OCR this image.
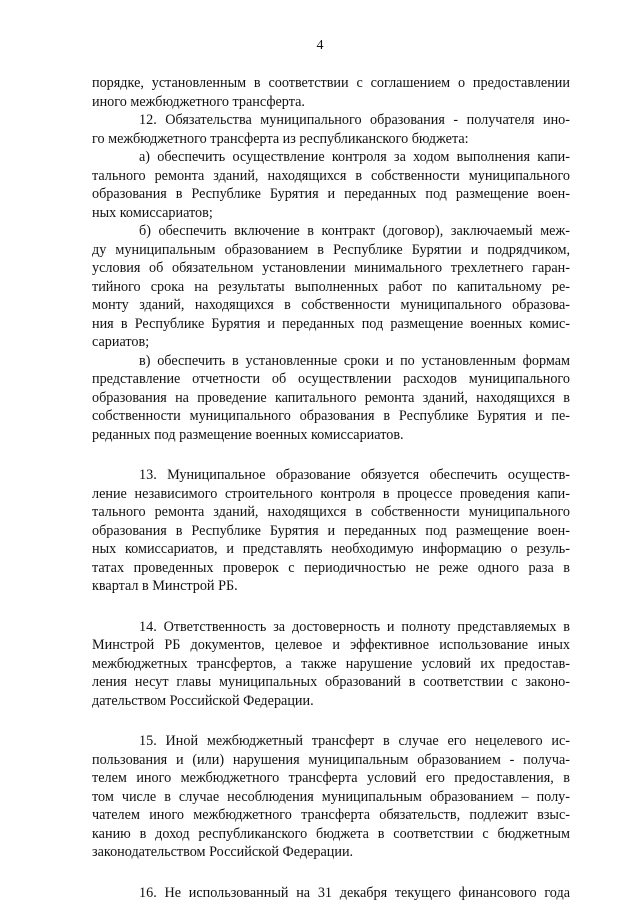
4
порядке, установленным в соответствии с соглашением о предоставлении
иного межбюджетного трансферта.
12. Обязательства муниципального образования - получателя ино-
го межбюджетного трансферта из республиканского бюджета:
а) обеспечить осуществление контроля за ходом выполнения капи-
тального ремонта зданий, находящихся в собственности муниципального
образования в Республике Бурятия и переданных под размещение воен-
ных комиссариатов;
б) обеспечить включение в контракт (договор), заключаемый меж-
ду муниципальным образованием в Республике Бурятии и подрядчиком,
условия об обязательном установлении минимального трехлетнего гаран-
тийного срока на результаты выполненных работ по капитальному ре-
монту зданий, находящихся в собственности муниципального образова-
ния в Республике Бурятия и переданных под размещение военных комис-
сариатов;
в) обеспечить в установленные сроки и по установленным формам
представление отчетности об осуществлении расходов муниципального
образования на проведение капитального ремонта зданий, находящихся в
собственности муниципального образования в Республике Бурятия и пе-
реданных под размещение военных комиссариатов.
13. Муниципальное образование обязуется обеспечить осуществ-
ление независимого строительного контроля в процессе проведения капи-
тального ремонта зданий, находящихся в собственности муниципального
образования в Республике Бурятия и переданных под размещение воен-
ных комиссариатов, и представлять необходимую информацию о резуль-
татах проведенных проверок с периодичностью не реже одного раза в
квартал в Минстрой РБ.
14. Ответственность за достоверность и полноту представляемых в
Минстрой РБ документов, целевое и эффективное использование иных
межбюджетных трансфертов, а также нарушение условий их предостав-
ления несут главы муниципальных образований в соответствии с законо-
дательством Российской Федерации.
15. Иной межбюджетный трансферт в случае его нецелевого ис-
пользования и (или) нарушения муниципальным образованием - получа-
телем иного межбюджетного трансферта условий его предоставления, в
том числе в случае несоблюдения муниципальным образованием – полу-
чателем иного межбюджетного трансферта обязательств, подлежит взыс-
канию в доход республиканского бюджета в соответствии с бюджетным
законодательством Российской Федерации.
16. Не использованный на 31 декабря текущего финансового года
